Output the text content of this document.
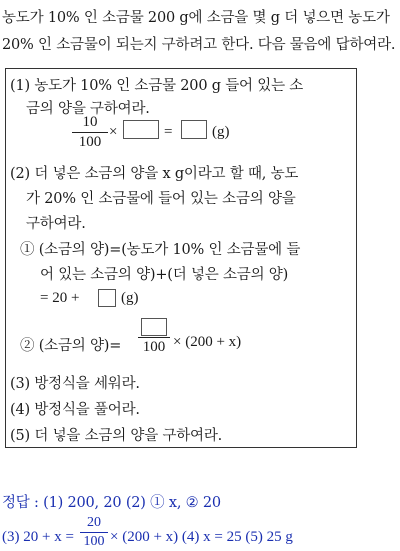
농도가 10% 인 소금물 200 g에 소금을 몇 g 더 넣으면 농도가
20% 인 소금물이 되는지 구하려고 한다. 다음 물음에 답하여라.
(1) 농도가 10% 인 소금물 200 g 들어 있는 소
금의 양을 구하여라.
10
100
×	=	(g)
(2) 더 넣은 소금의 양을 x g이라고 할 때, 농도
가 20% 인 소금물에 들어 있는 소금의 양을
구하여라.
① (소금의 양)=(농도가 10% 인 소금물에 들
어 있는 소금의 양)+(더 넣은 소금의 양)
= 20 +	(g)
② (소금의 양)=	100 × (200 + x)
(3) 방정식을 세워라.
(4) 방정식을 풀어라.
(5) 더 넣을 소금의 양을 구하여라.
정답 : (1) 200, 20 (2) ① x, ② 20
(3) 20 + x =
20
100 × (200 + x) (4) x = 25 (5) 25 g
